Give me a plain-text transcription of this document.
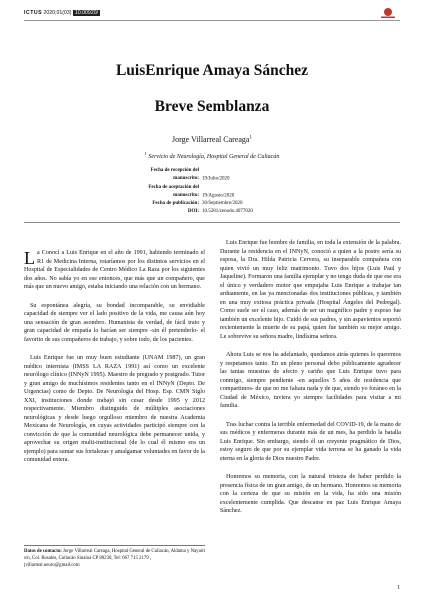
ICTUS 2020;01(03) 10.00920/
LuisEnrique Amaya Sánchez
Breve Semblanza
Jorge Villarreal Careaga$^1$
$^1$ Servicio de Neurología, Hospital General de Culiacán
Fecha de recepción del manuscrito: 19/Julio/2020
Fecha de aceptación del manuscrito: 19/Agosto/2020
Fecha de publicación: 30/Septiembre/2020
DOI: 10.5281/zenodo.4077020

La Conocí a Luis Enrique en el año de 1991, habiendo terminado el R1 de Medicina Interna, rotaríamos por los distintos servicios en el Hospital de Especialidades de Centro Médico La Raza por los siguientes dos años. No sabía yo en ese entonces, que más que un compañero, que más que un nuevo amigo, estaba iniciando una relación con un hermano.

Su espontánea alegría, su bondad incomparable, su envidiable capacidad de siempre ver el lado positivo de la vida, me causa aún hoy una sensación de gran asombro. Humanista de verdad, de fácil trato y gran capacidad de empatía lo hacían ser siempre -sin él pretenderlo- el favorito de sus compañeros de trabajo, y sobre todo, de los pacientes.

Luis Enrique fue un muy buen estudiante (UNAM 1987), un gran médico internista (IMSS LA RAZA 1991) así como un excelente neurólogo clínico (INNyN 1995). Maestro de pregrado y postgrado. Tutor y gran amigo de muchísimos residentes tanto en el INNyN (Depto. De Urgencias) como de Depto. De Neurología del Hosp. Esp. CMN Siglo XXI, instituciones donde trabajó sin cesar desde 1995 y 2012 respectivamente. Miembro distinguido de múltiples asociaciones neurológicas y desde luego orgulloso miembro de nuestra Academia Mexicana de Neurología, en cuyas actividades participó siempre con la convicción de que la comunidad neurológica debe permanecer unida, y aprovechar su origen multi-institucional (de lo cual él mismo era un ejemplo) para sumar sus fortalezas y amalgamar voluntades en favor de la comunidad entera.

Luis Enrique fue hombre de familia, en toda la extensión de la palabra. Durante la residencia en el INNyN, conoció a quien a la postre sería su esposa, la Dra. Hilda Patricia Cervera, su inseparable compañera con quien vivió un muy feliz matrimonio. Tuvo dos hijos (Luis Paul y Jaqueline). Formaron una familia ejemplar y no tengo duda de que ese era el único y verdadero motor que empujaba Luis Enrique a trabajar tan arduamente, en las ya mencionadas dos instituciones públicas, y también en una muy exitosa práctica privada (Hospital Ángeles del Pedregal). Como suele ser el caso, además de ser un magnífico padre y esposo fue también un excelente hijo. Cuidó de sus padres, y sin aspavientos soportó recientemente la muerte de su papá, quien fue también su mejor amigo. Le sobrevive su señora madre, lindísima señora.

Ahora Luis se nos ha adelantado, quedamos atrás quienes lo queremos y respetamos tanto. En un pleno personal debo públicamente agradecer las tantas muestras de afecto y cariño que Luis Enrique tuvo para conmigo, siempre pendiente -en aquellos 5 años de residencia que compartimos- de que no me faltara nada y de que, siendo yo foráneo en la Ciudad de México, tuviera yo siempre facilidades para visitar a mi familia.

Tras luchar contra la terrible enfermedad del COVID-19, de la mano de sus médicos y enfermeras durante más de un mes, ha perdido la batalla Luis Enrique. Sin embargo, siendo él un creyente pragmático de Dios, estoy seguro de que por su ejemplar vida terrena se ha ganado la vida eterna en la gloria de Dios nuestro Padre.

Honremos su memoria, con la natural tristeza de haber perdido la presencia física de un gran amigo, de un hermano. Honremos su memoria con la certeza de que su misión en la vida, ha sido una misión excelentemente cumplida. Que descanse en paz Luis Enrique Amaya Sánchez.

Datos de contacto: Jorge Villarreal Careaga, Hospital General de Culiacán, Aldama y Nayarit s/n, Col. Rosales, Culiacán Sinaloa CP 80230, Tel: 667 715 2179 , jvillarreal.neuro@gmail.com
1
